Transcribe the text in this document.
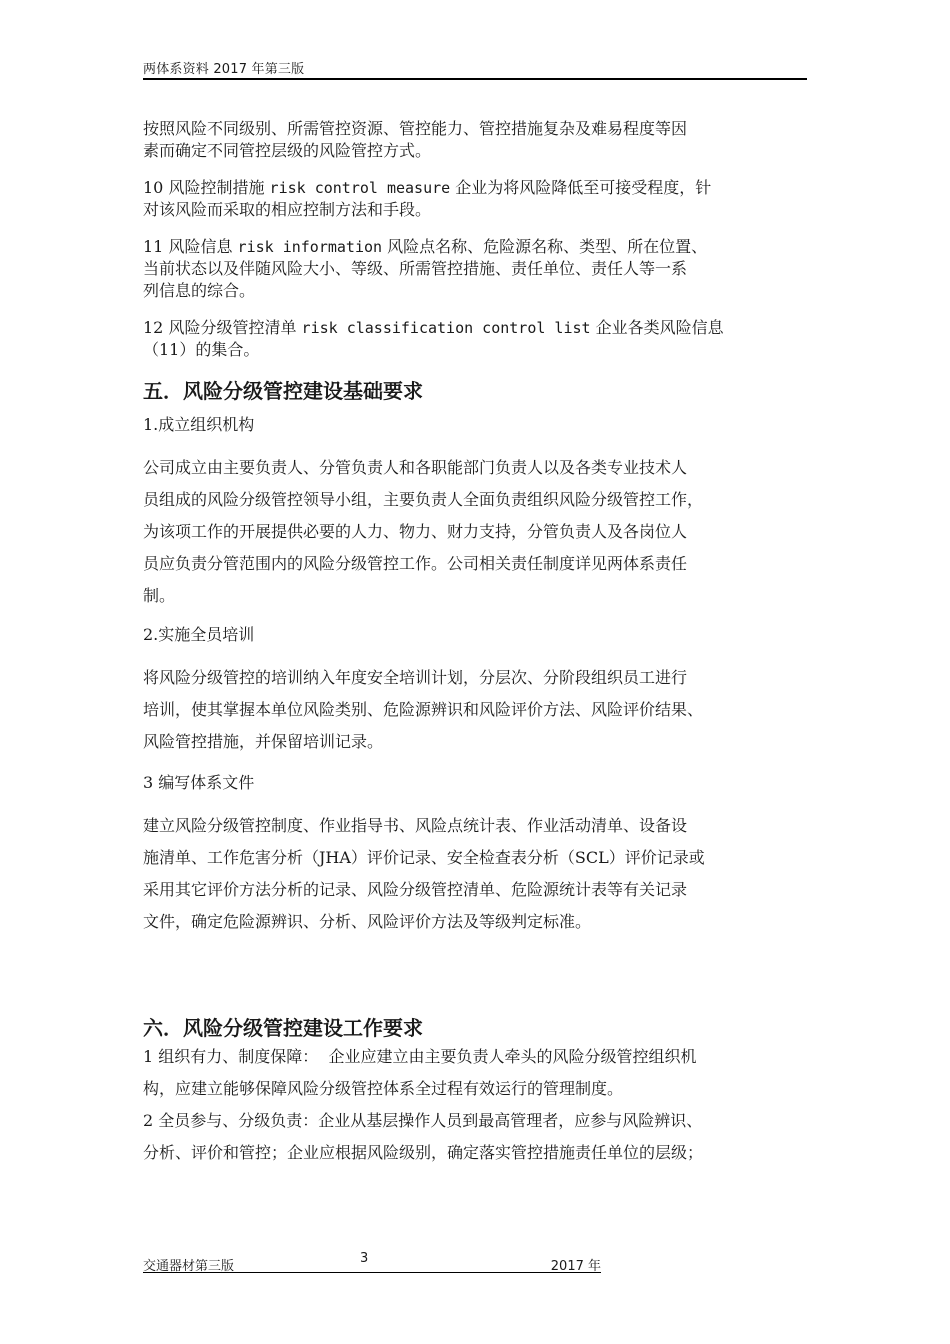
两体系资料 2017 年第三版

按照风险不同级别、所需管控资源、管控能力、管控措施复杂及难易程度等因

素而确定不同管控层级的风险管控方式。

10 风险控制措施 risk control measure 企业为将风险降低至可接受程度，针

对该风险而采取的相应控制方法和手段。

11 风险信息 risk information 风险点名称、危险源名称、类型、所在位置、

当前状态以及伴随风险大小、等级、所需管控措施、责任单位、责任人等一系

列信息的综合。

12 风险分级管控清单 risk classification control list 企业各类风险信息

（11）的集合。

五．风险分级管控建设基础要求

1.成立组织机构

公司成立由主要负责人、分管负责人和各职能部门负责人以及各类专业技术人

员组成的风险分级管控领导小组，主要负责人全面负责组织风险分级管控工作，

为该项工作的开展提供必要的人力、物力、财力支持，分管负责人及各岗位人

员应负责分管范围内的风险分级管控工作。公司相关责任制度详见两体系责任

制。

2.实施全员培训

将风险分级管控的培训纳入年度安全培训计划，分层次、分阶段组织员工进行

培训，使其掌握本单位风险类别、危险源辨识和风险评价方法、风险评价结果、

风险管控措施，并保留培训记录。

3 编写体系文件

建立风险分级管控制度、作业指导书、风险点统计表、作业活动清单、设备设

施清单、工作危害分析（JHA）评价记录、安全检查表分析（SCL）评价记录或

采用其它评价方法分析的记录、风险分级管控清单、危险源统计表等有关记录

文件，确定危险源辨识、分析、风险评价方法及等级判定标准。

六．风险分级管控建设工作要求

1 组织有力、制度保障：  企业应建立由主要负责人牵头的风险分级管控组织机

构，应建立能够保障风险分级管控体系全过程有效运行的管理制度。

2 全员参与、分级负责：企业从基层操作人员到最高管理者，应参与风险辨识、

分析、评价和管控；企业应根据风险级别，确定落实管控措施责任单位的层级；

交通器材第三版
3
2017 年
